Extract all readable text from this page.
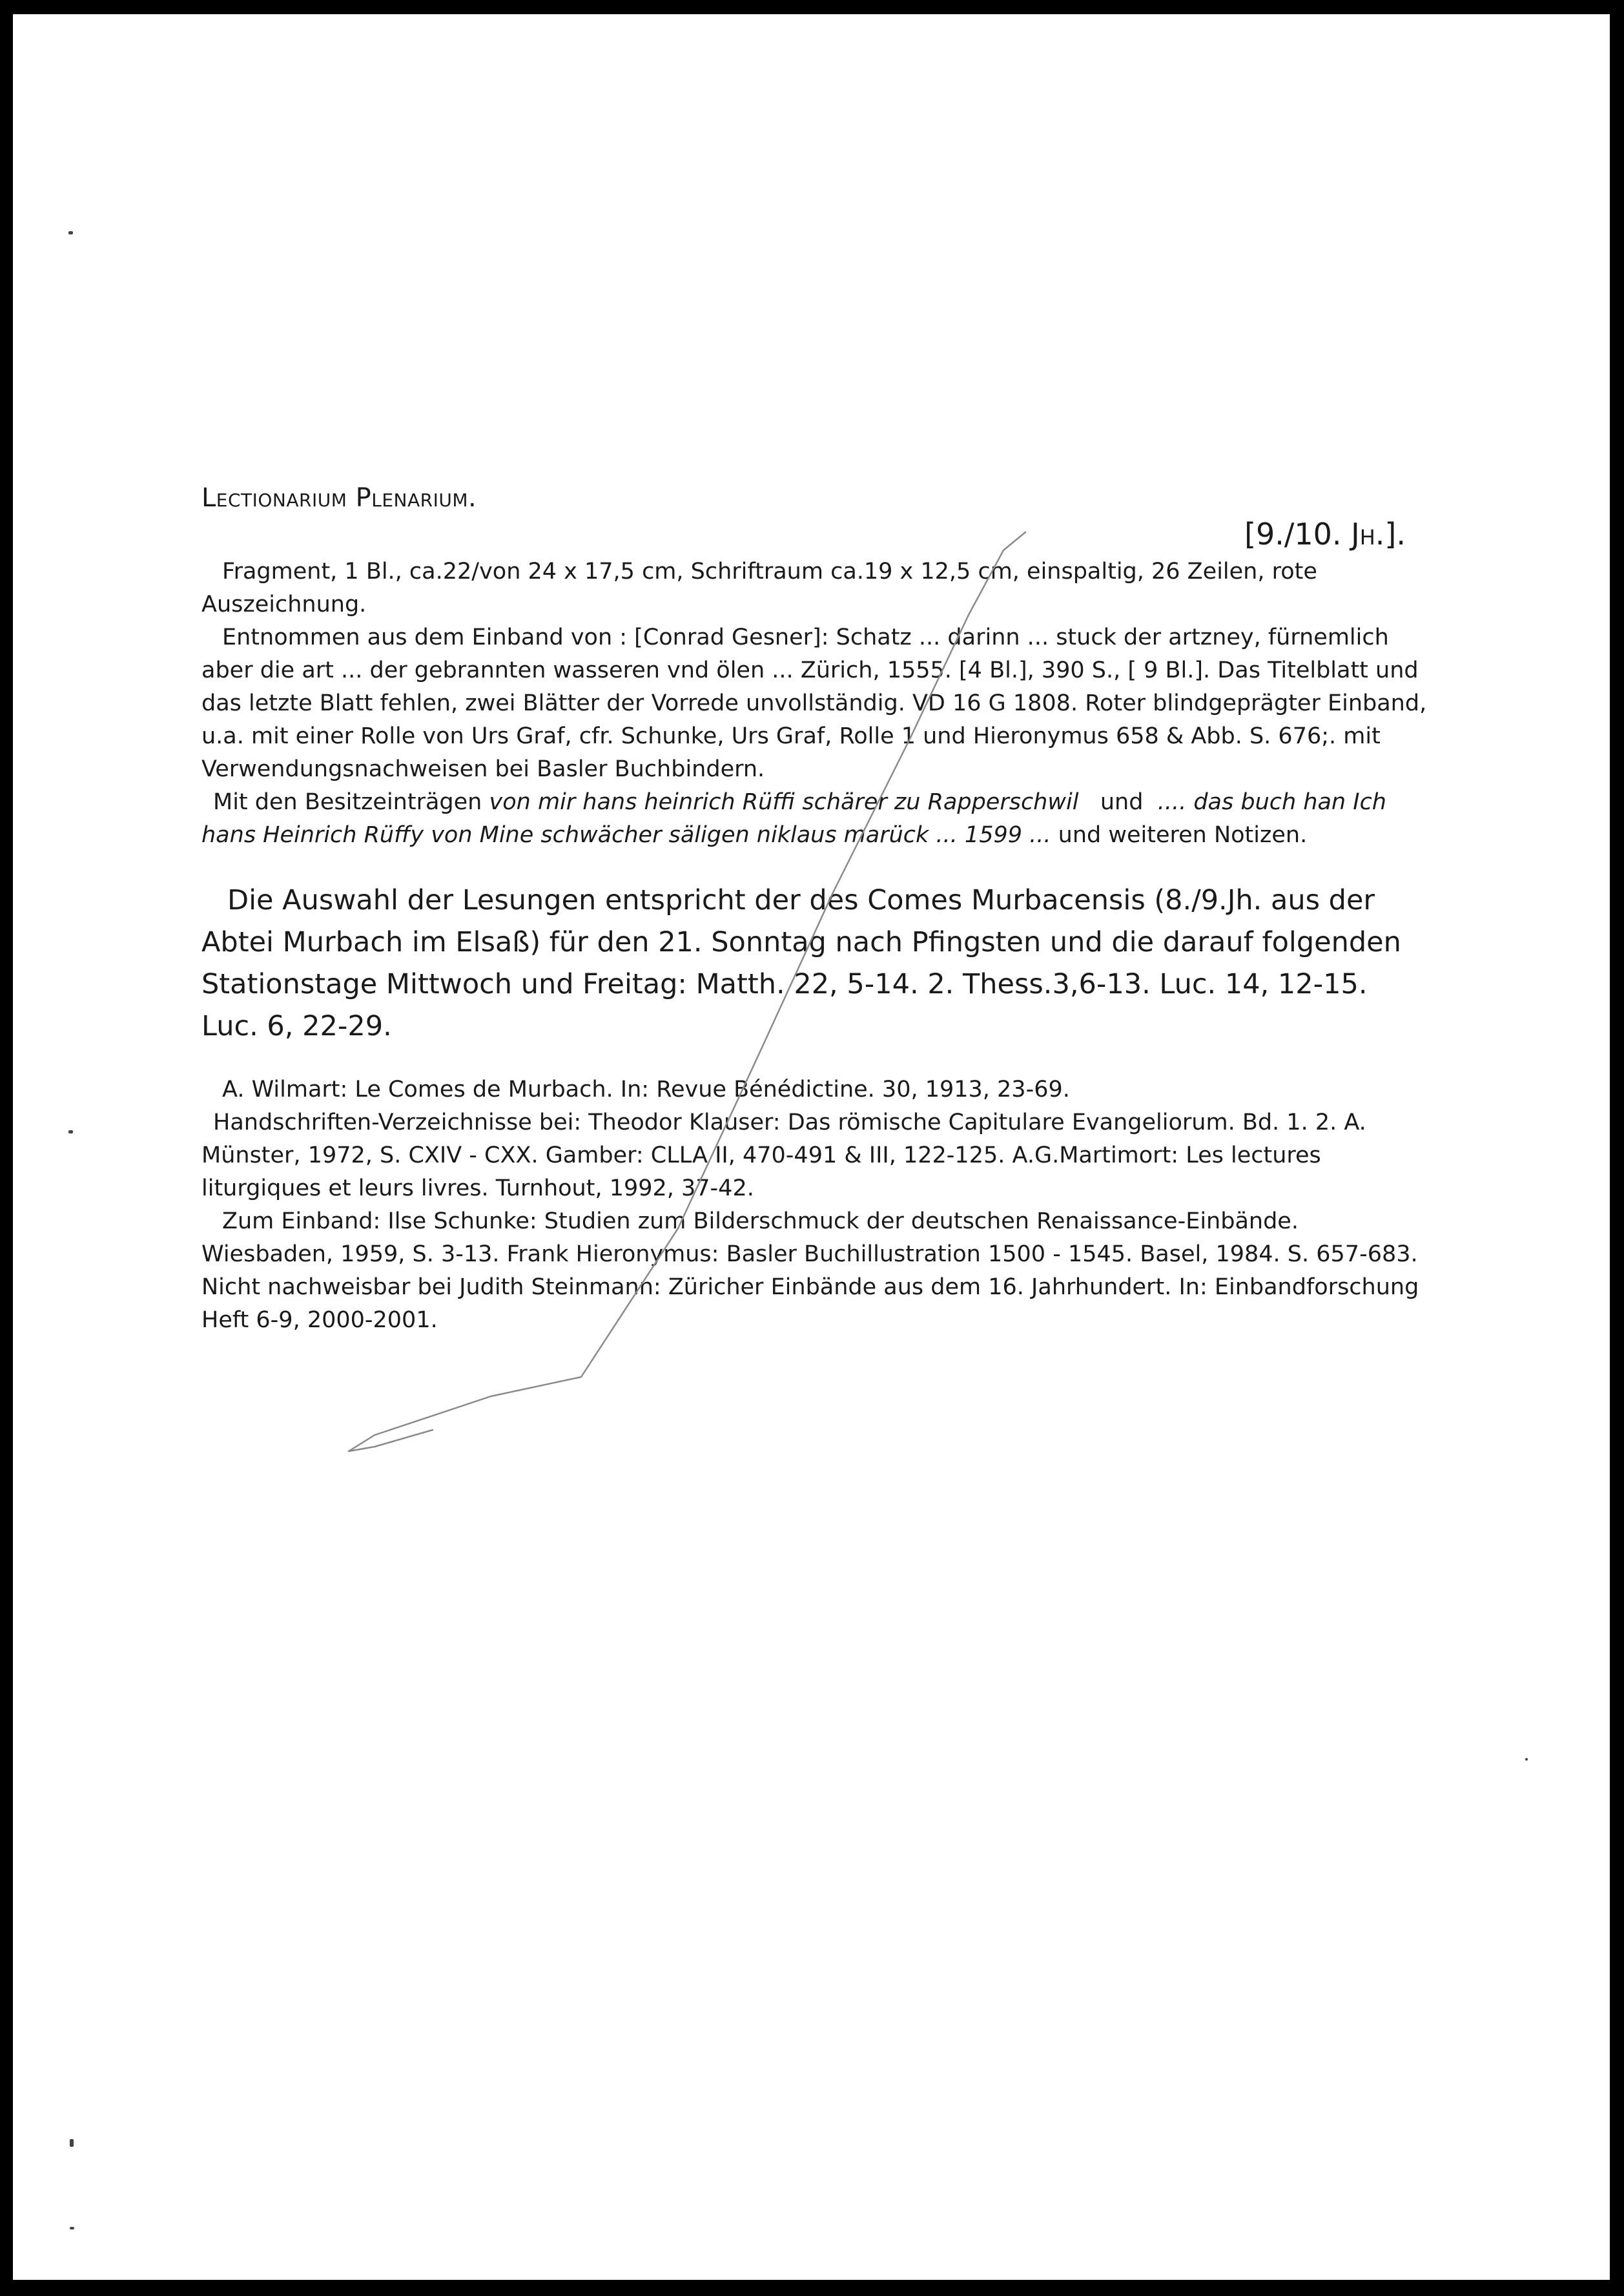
Lectionarium Plenarium.
[9./10. Jh.].

Fragment, 1 Bl., ca.22/von 24 x 17,5 cm, Schriftraum ca.19 x 12,5 cm, einspaltig, 26 Zeilen, rote Auszeichnung.

Entnommen aus dem Einband von : [Conrad Gesner]: Schatz ... darinn ... stuck der artzney, fürnemlich aber die art ... der gebrannten wasseren vnd ölen ... Zürich, 1555. [4 Bl.], 390 S., [ 9 Bl.]. Das Titelblatt und das letzte Blatt fehlen, zwei Blätter der Vorrede unvollständig. VD 16 G 1808. Roter blindgeprägter Einband, u.a. mit einer Rolle von Urs Graf, cfr. Schunke, Urs Graf, Rolle 1 und Hieronymus 658 & Abb. S. 676;. mit Verwendungsnachweisen bei Basler Buchbindern.

Mit den Besitzeinträgen von mir hans heinrich Rüffi schärer zu Rapperschwil und .... das buch han Ich hans Heinrich Rüffy von Mine schwächer säligen niklaus marück ... 1599 ... und weiteren Notizen.

Die Auswahl der Lesungen entspricht der des Comes Murbacensis (8./9.Jh. aus der Abtei Murbach im Elsaß) für den 21. Sonntag nach Pfingsten und die darauf folgenden Stationstage Mittwoch und Freitag: Matth. 22, 5-14. 2. Thess.3,6-13. Luc. 14, 12-15. Luc. 6, 22-29.

A. Wilmart: Le Comes de Murbach. In: Revue Bénédictine. 30, 1913, 23-69.

Handschriften-Verzeichnisse bei: Theodor Klauser: Das römische Capitulare Evangeliorum. Bd. 1. 2. A. Münster, 1972, S. CXIV - CXX. Gamber: CLLA II, 470-491 & III, 122-125. A.G.Martimort: Les lectures liturgiques et leurs livres. Turnhout, 1992, 37-42.

Zum Einband: Ilse Schunke: Studien zum Bilderschmuck der deutschen Renaissance-Einbände. Wiesbaden, 1959, S. 3-13. Frank Hieronymus: Basler Buchillustration 1500 - 1545. Basel, 1984. S. 657-683. Nicht nachweisbar bei Judith Steinmann: Züricher Einbände aus dem 16. Jahrhundert. In: Einbandforschung Heft 6-9, 2000-2001.
